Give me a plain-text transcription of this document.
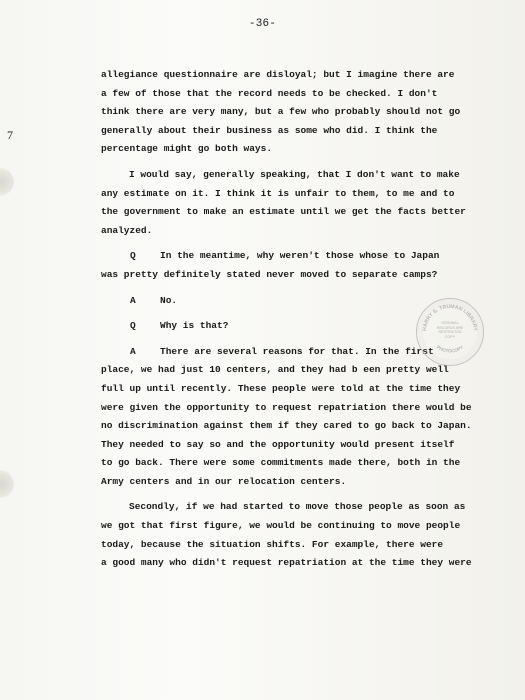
-36-
7
allegiance questionnaire are disloyal; but I imagine there are
a few of those that the record needs to be checked. I don't
think there are very many, but a few who probably should not go
generally about their business as some who did. I think the
percentage might go both ways.
I would say, generally speaking, that I don't want to make
any estimate on it. I think it is unfair to them, to me and to
the government to make an estimate until we get the facts better
analyzed.
Q	In the meantime, why weren't those whose to Japan
was pretty definitely stated never moved to separate camps?
A	No.
Q	Why is that?
A	There are several reasons for that. In the first
place, we had just 10 centers, and they had b een pretty well
full up until recently. These people were told at the time they
were given the opportunity to request repatriation there would be
no discrimination against them if they cared to go back to Japan.
They needed to say so and the opportunity would present itself
to go back. There were some commitments made there, both in the
Army centers and in our relocation centers.
Secondly, if we had started to move those people as soon as
we got that first figure, we would be continuing to move people
today, because the situation shifts. For example, there were
a good many who didn't request repatriation at the time they were
HARRY S. TRUMAN LIBRARY
PHOTOCOPY
ORIGINAL
RECORDS ARE
RESTRICTED
COPY
